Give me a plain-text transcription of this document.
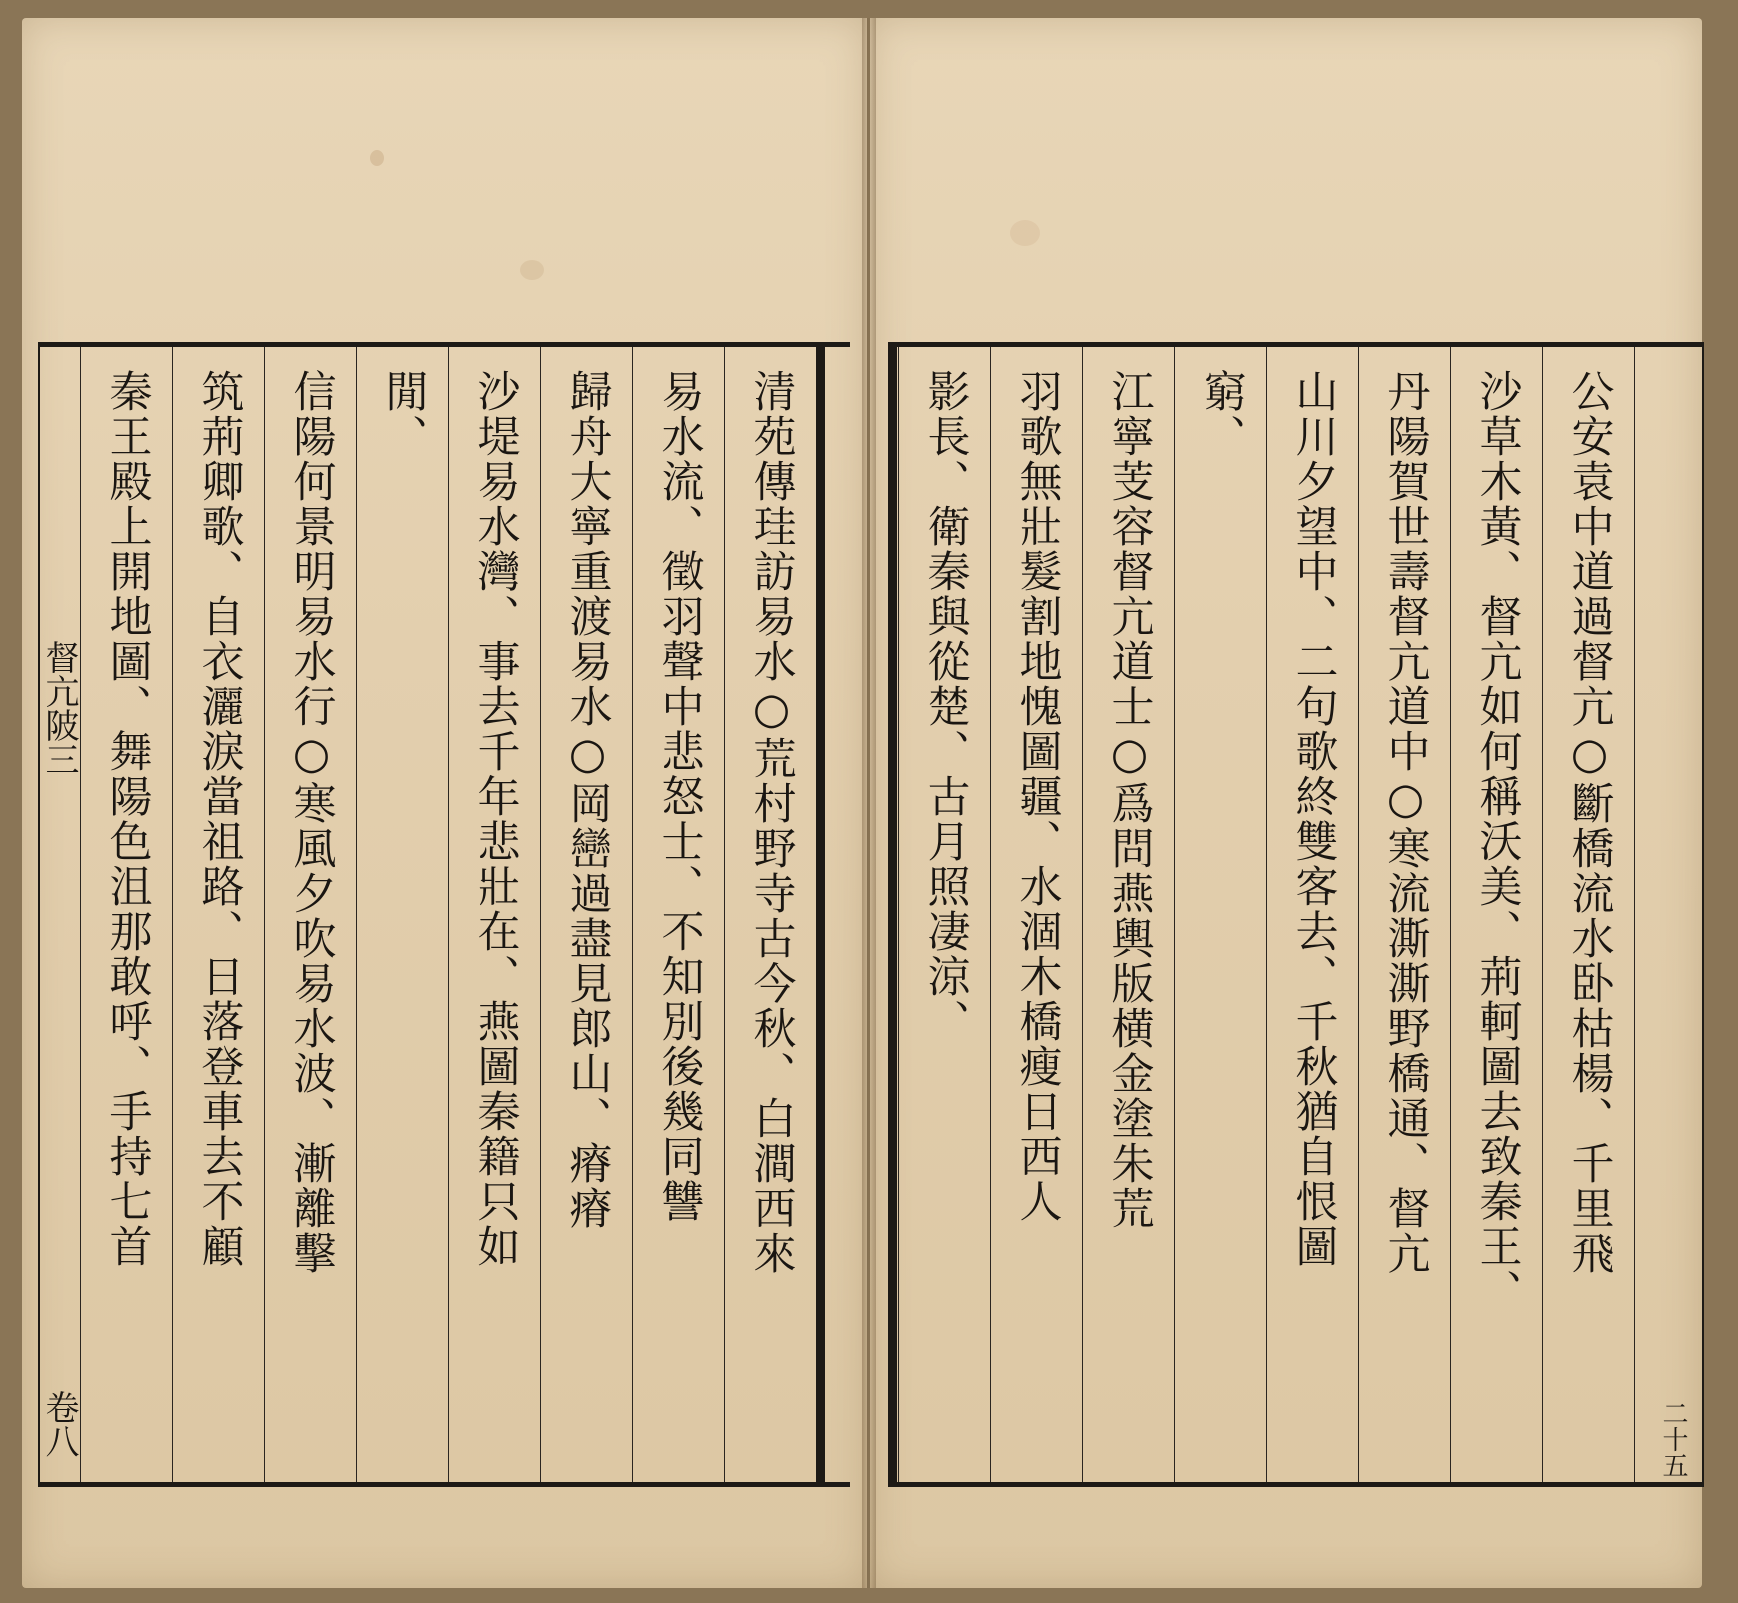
秦王殿上開地圖、舞陽色沮那敢呼、手持七首 筑荊卿歌、自衣灑淚當祖路、日落登車去不顧 信陽何景明易水行○寒風夕吹易水波、漸離擊 閒、 沙堤易水灣、事去千年悲壯在、燕圖秦籍只如 歸舟大寧重渡易水○岡巒過盡見郎山、瘠瘠 易水流、徵羽聲中悲怒士、不知別後幾同讐 清苑傳珪訪易水○荒村野寺古今秋、白澗西來
督亢陂三
卷八
影長、衛秦與從楚、古月照凄涼、 羽歌無壯髮割地愧圖疆、水涸木橋瘦日西人 江寧芰容督亢道士○爲問燕輿版横金塗朱荒 窮、 山川夕望中、二句歌終雙客去、千秋猶自恨圖 丹陽賀世壽督亢道中○寒流澌澌野橋通、督亢 沙草木黃、督亢如何稱沃美、荊軻圖去致秦王、 公安袁中道過督亢○斷橋流水卧枯楊、千里飛
二十五
